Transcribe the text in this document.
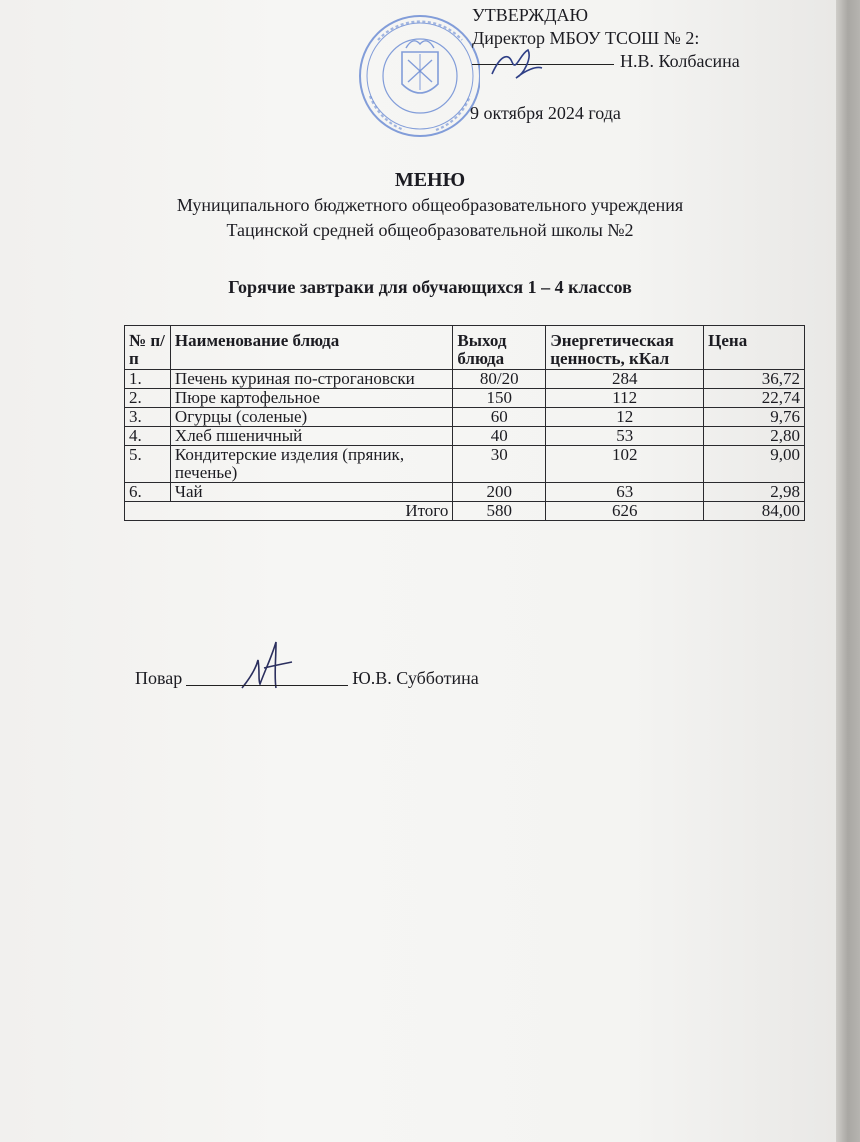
УТВЕРЖДАЮ
Директор МБОУ ТСОШ № 2:
Н.В. Колбасина
9 октября 2024 года
МЕНЮ
Муниципального бюджетного общеобразовательного учреждения
Тацинской средней общеобразовательной школы №2
Горячие завтраки для обучающихся 1 – 4 классов
№ п/п	Наименование блюда	Выход блюда	Энергетическая ценность, кКал	Цена
1.	Печень куриная по-строгановски	80/20	284	36,72
2.	Пюре картофельное	150	112	22,74
3.	Огурцы (соленые)	60	12	9,76
4.	Хлеб пшеничный	40	53	2,80
5.	Кондитерские изделия (пряник, печенье)	30	102	9,00
6.	Чай	200	63	2,98
Итого		580	626	84,00
Повар	Ю.В. Субботина
